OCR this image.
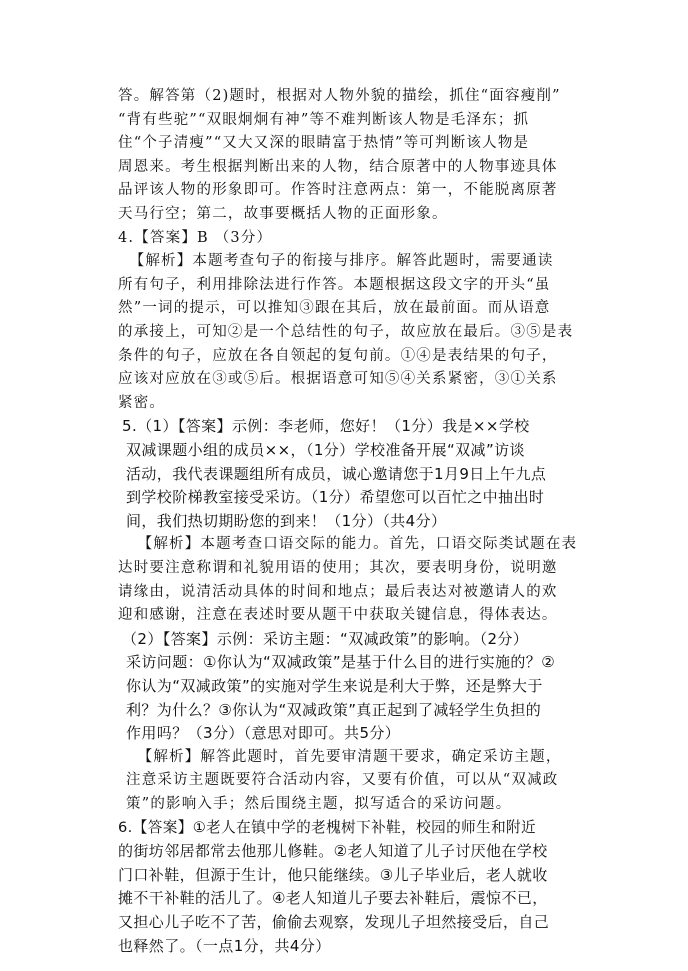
答。解答第（2)题时，根据对人物外貌的描绘，抓住“面容瘦削”
“背有些驼”“双眼炯炯有神”等不难判断该人物是毛泽东；抓
住“个子清瘦”“又大又深的眼睛富于热情”等可判断该人物是
周恩来。考生根据判断出来的人物，结合原著中的人物事迹具体
品评该人物的形象即可。作答时注意两点：第一，不能脱离原著
天马行空；第二，故事要概括人物的正面形象。
4.【答案】B （3分）
【解析】本题考查句子的衔接与排序。解答此题时，需要通读
所有句子，利用排除法进行作答。本题根据这段文字的开头“虽
然”一词的提示，可以推知③跟在其后，放在最前面。而从语意
的承接上，可知②是一个总结性的句子，故应放在最后。③⑤是表
条件的句子，应放在各自领起的复句前。①④是表结果的句子，
应该对应放在③或⑤后。根据语意可知⑤④关系紧密，③①关系
紧密。
5.（1）【答案】示例：李老师，您好！（1分）我是××学校
双减课题小组的成员××，（1分）学校准备开展“双减”访谈
活动，我代表课题组所有成员，诚心邀请您于1月9日上午九点
到学校阶梯教室接受采访。（1分）希望您可以百忙之中抽出时
间，我们热切期盼您的到来！（1分）（共4分）
【解析】本题考查口语交际的能力。首先，口语交际类试题在表
达时要注意称谓和礼貌用语的使用；其次，要表明身份，说明邀
请缘由，说清活动具体的时间和地点；最后表达对被邀请人的欢
迎和感谢，注意在表述时要从题干中获取关键信息，得体表达。
（2）【答案】示例：采访主题：“双减政策”的影响。（2分）
采访问题：①你认为“双减政策”是基于什么目的进行实施的？②
你认为“双减政策”的实施对学生来说是利大于弊，还是弊大于
利？为什么？③你认为“双减政策”真正起到了减轻学生负担的
作用吗？（3分）（意思对即可。共5分）
【解析】解答此题时，首先要审清题干要求，确定采访主题，
注意采访主题既要符合活动内容，又要有价值，可以从“双减政
策”的影响入手；然后围绕主题，拟写适合的采访问题。
6.【答案】①老人在镇中学的老槐树下补鞋，校园的师生和附近
的街坊邻居都常去他那儿修鞋。②老人知道了儿子讨厌他在学校
门口补鞋，但源于生计，他只能继续。③儿子毕业后，老人就收
摊不干补鞋的活儿了。④老人知道儿子要去补鞋后，震惊不已，
又担心儿子吃不了苦，偷偷去观察，发现儿子坦然接受后，自己
也释然了。（一点1分，共4分）
